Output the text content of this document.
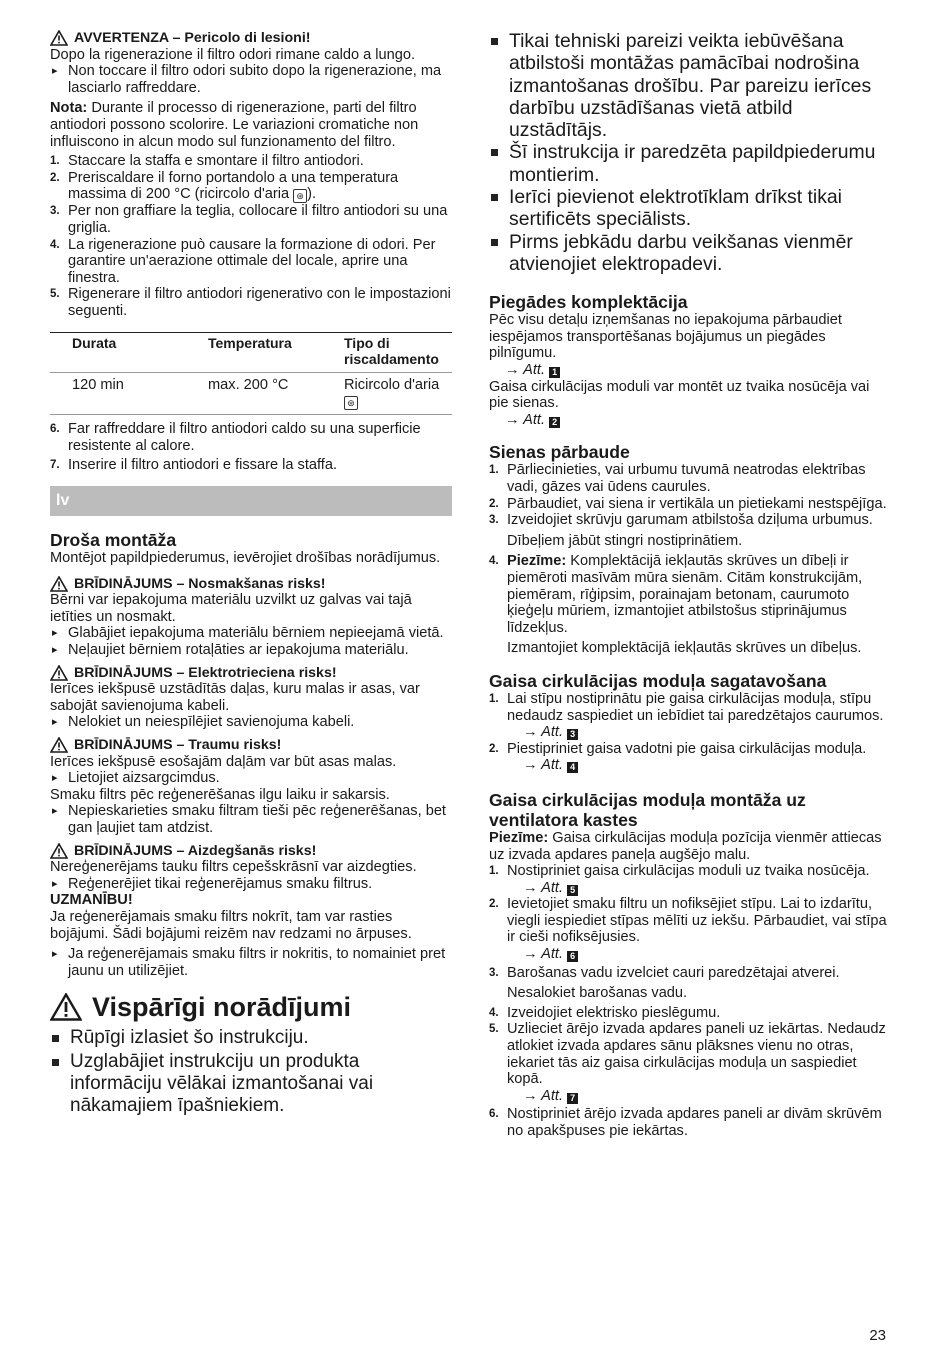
AVVERTENZA – Pericolo di lesioni!

Dopo la rigenerazione il filtro odori rimane caldo a lungo.

▸ Non toccare il filtro odori subito dopo la rigenerazione, ma lasciarlo raffreddare.

Nota: Durante il processo di rigenerazione, parti del filtro antiodori possono scolorire. Le variazioni cromatiche non influiscono in alcun modo sul funzionamento del filtro.

1. Staccare la staffa e smontare il filtro antiodori.

2. Preriscaldare il forno portandolo a una temperatura massima di 200 °C (ricircolo d'aria ⊛ ).

3. Per non graffiare la teglia, collocare il filtro antiodori su una griglia.

4. La rigenerazione può causare la formazione di odori. Per garantire un'aerazione ottimale del locale, aprire una finestra.

5. Rigenerare il filtro antiodori rigenerativo con le impostazioni seguenti.

Durata	Temperatura	Tipo di riscaldamento
120 min	max. 200 °C	Ricircolo d'aria
⊛

6. Far raffreddare il filtro antiodori caldo su una superficie resistente al calore.

7. Inserire il filtro antiodori e fissare la staffa.

lv
Droša montāža

Montējot papildpiederumus, ievērojiet drošības norādījumus.

BRĪDINĀJUMS – Nosmakšanas risks!

Bērni var iepakojuma materiālu uzvilkt uz galvas vai tajā ietīties un nosmakt.

▸ Glabājiet iepakojuma materiālu bērniem nepieejamā vietā.

▸ Neļaujiet bērniem rotaļāties ar iepakojuma materiālu.

BRĪDINĀJUMS – Elektrotrieciena risks!

Ierīces iekšpusē uzstādītās daļas, kuru malas ir asas, var sabojāt savienojuma kabeli.

▸ Nelokiet un neiespīlējiet savienojuma kabeli.

BRĪDINĀJUMS – Traumu risks!

Ierīces iekšpusē esošajām daļām var būt asas malas.

▸ Lietojiet aizsargcimdus.

Smaku filtrs pēc reģenerēšanas ilgu laiku ir sakarsis.

▸ Nepieskarieties smaku filtram tieši pēc reģenerēšanas, bet gan ļaujiet tam atdzist.

BRĪDINĀJUMS – Aizdegšanās risks!

Nereģenerējams tauku filtrs cepešskrāsnī var aizdegties.

▸ Reģenerējiet tikai reģenerējamus smaku filtrus.

UZMANĪBU!

Ja reģenerējamais smaku filtrs nokrīt, tam var rasties bojājumi. Šādi bojājumi reizēm nav redzami no ārpuses.

▸ Ja reģenerējamais smaku filtrs ir nokritis, to nomainiet pret jaunu un utilizējiet.

Vispārīgi norādījumi

Rūpīgi izlasiet šo instrukciju.

Uzglabājiet instrukciju un produkta informāciju vēlākai izmantošanai vai nākamajiem īpašniekiem.

Tikai tehniski pareizi veikta iebūvēšana atbilstoši montāžas pamācībai nodrošina izmantošanas drošību. Par pareizu ierīces darbību uzstādīšanas vietā atbild uzstādītājs.

Šī instrukcija ir paredzēta papildpiederumu montierim.

Ierīci pievienot elektrotīklam drīkst tikai sertificēts speciālists.

Pirms jebkādu darbu veikšanas vienmēr atvienojiet elektropadevi.

Piegādes komplektācija

Pēc visu detaļu izņemšanas no iepakojuma pārbaudiet iespējamos transportēšanas bojājumus un piegādes pilnīgumu.

→ Att. 1

Gaisa cirkulācijas moduli var montēt uz tvaika nosūcēja vai pie sienas.

→ Att. 2

Sienas pārbaude

1. Pārliecinieties, vai urbumu tuvumā neatrodas elektrības vadi, gāzes vai ūdens caurules.

2. Pārbaudiet, vai siena ir vertikāla un pietiekami nestspējīga.

3. Izveidojiet skrūvju garumam atbilstoša dziļuma urbumus.

Dībeļiem jābūt stingri nostiprinātiem.

4. Piezīme: Komplektācijā iekļautās skrūves un dībeļi ir piemēroti masīvām mūra sienām. Citām konstrukcijām, piemēram, rīģipsim, porainajam betonam, caurumoto ķieģeļu mūriem, izmantojiet atbilstošus stiprinājumus līdzekļus.

Izmantojiet komplektācijā iekļautās skrūves un dībeļus.

Gaisa cirkulācijas moduļa sagatavošana

1. Lai stīpu nostiprinātu pie gaisa cirkulācijas moduļa, stīpu nedaudz saspiediet un iebīdiet tai paredzētajos caurumos.

→ Att. 3

2. Piestipriniet gaisa vadotni pie gaisa cirkulācijas moduļa.

→ Att. 4

Gaisa cirkulācijas moduļa montāža uz ventilatora kastes

Piezīme: Gaisa cirkulācijas moduļa pozīcija vienmēr attiecas uz izvada apdares paneļa augšējo malu.

1. Nostipriniet gaisa cirkulācijas moduli uz tvaika nosūcēja.

→ Att. 5

2. Ievietojiet smaku filtru un nofiksējiet stīpu. Lai to izdarītu, viegli iespiediet stīpas mēlīti uz iekšu. Pārbaudiet, vai stīpa ir cieši nofiksējusies.

→ Att. 6

3. Barošanas vadu izvelciet cauri paredzētajai atverei.

Nesalokiet barošanas vadu.

4. Izveidojiet elektrisko pieslēgumu.

5. Uzlieciet ārējo izvada apdares paneli uz iekārtas. Nedaudz atlokiet izvada apdares sānu plāksnes vienu no otras, iekariet tās aiz gaisa cirkulācijas moduļa un saspiediet kopā.

→ Att. 7

6. Nostipriniet ārējo izvada apdares paneli ar divām skrūvēm no apakšpuses pie iekārtas.

23
